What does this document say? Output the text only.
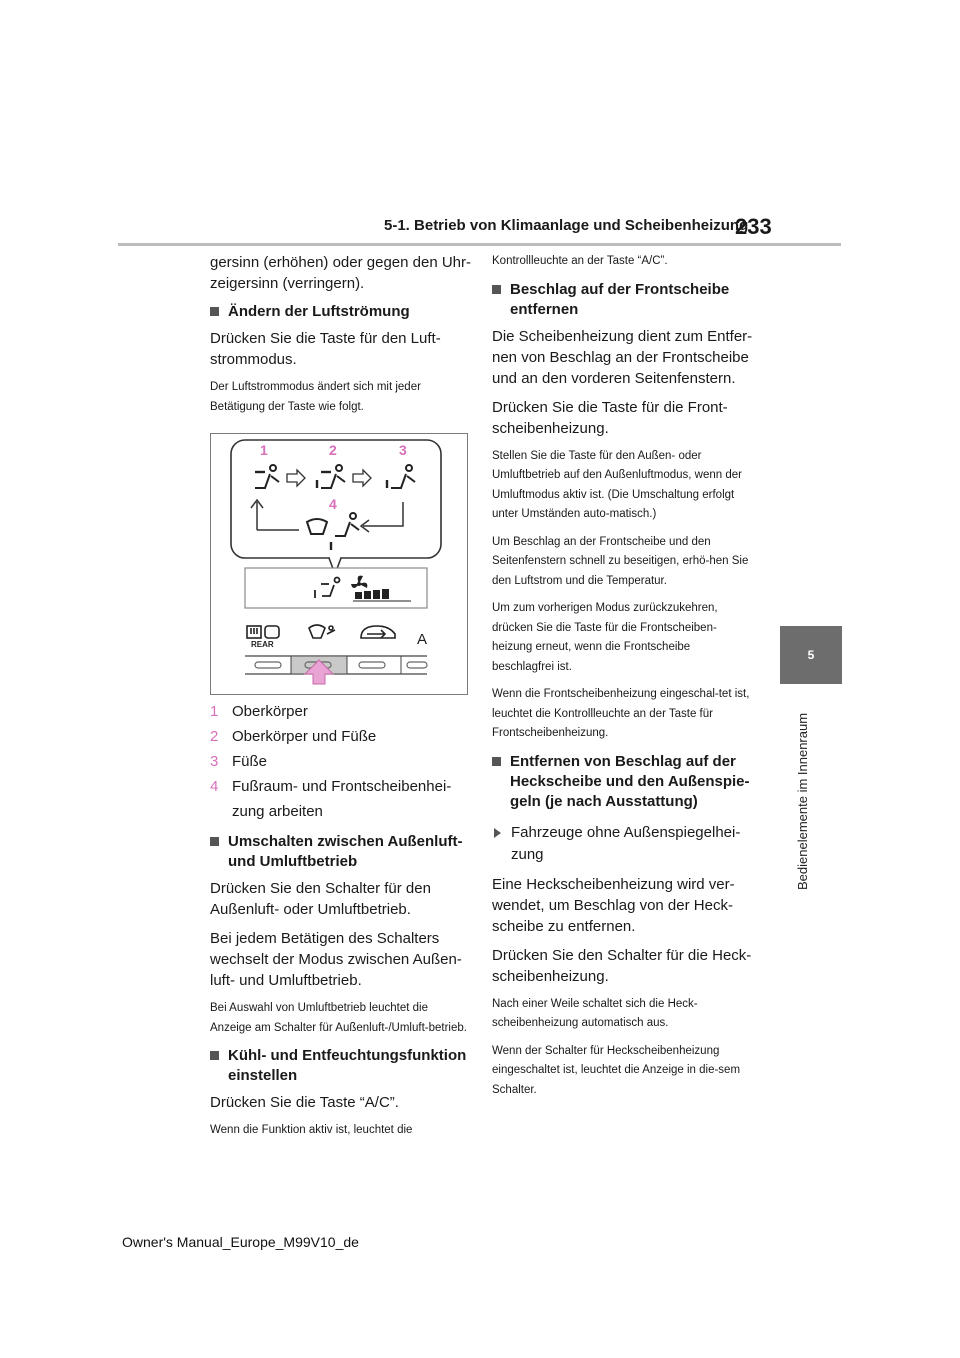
5-1. Betrieb von Klimaanlage und Scheibenheizung
233
5
Bedienelemente im Innenraum

gersinn (erhöhen) oder gegen den Uhr-zeigersinn (verringern).

Ändern der Luftströmung

Drücken Sie die Taste für den Luft-strommodus.

Der Luftstrommodus ändert sich mit jeder Betätigung der Taste wie folgt.

1	2	3
4
REAR	A
1 Oberkörper
2 Oberkörper und Füße
3 Füße
4 Fußraum- und Frontscheibenhei-zung arbeiten
Umschalten zwischen Außenluft- und Umluftbetrieb

Drücken Sie den Schalter für den Außenluft- oder Umluftbetrieb.

Bei jedem Betätigen des Schalters wechselt der Modus zwischen Außen-luft- und Umluftbetrieb.

Bei Auswahl von Umluftbetrieb leuchtet die Anzeige am Schalter für Außenluft-/Umluft-betrieb.

Kühl- und Entfeuchtungsfunktion einstellen

Drücken Sie die Taste “A/C”.

Wenn die Funktion aktiv ist, leuchtet die

Kontrollleuchte an der Taste “A/C”.

Beschlag auf der Frontscheibe entfernen

Die Scheibenheizung dient zum Entfer-nen von Beschlag an der Frontscheibe und an den vorderen Seitenfenstern.

Drücken Sie die Taste für die Front-scheibenheizung.

Stellen Sie die Taste für den Außen- oder Umluftbetrieb auf den Außenluftmodus, wenn der Umluftmodus aktiv ist. (Die Umschaltung erfolgt unter Umständen auto-matisch.)

Um Beschlag an der Frontscheibe und den Seitenfenstern schnell zu beseitigen, erhö-hen Sie den Luftstrom und die Temperatur.

Um zum vorherigen Modus zurückzukehren, drücken Sie die Taste für die Frontscheiben-heizung erneut, wenn die Frontscheibe beschlagfrei ist.

Wenn die Frontscheibenheizung eingeschal-tet ist, leuchtet die Kontrollleuchte an der Taste für Frontscheibenheizung.

Entfernen von Beschlag auf der Heckscheibe und den Außenspie-geln (je nach Ausstattung)
Fahrzeuge ohne Außenspiegelhei-zung

Eine Heckscheibenheizung wird ver-wendet, um Beschlag von der Heck-scheibe zu entfernen.

Drücken Sie den Schalter für die Heck-scheibenheizung.

Nach einer Weile schaltet sich die Heck-scheibenheizung automatisch aus.

Wenn der Schalter für Heckscheibenheizung eingeschaltet ist, leuchtet die Anzeige in die-sem Schalter.

Owner's Manual_Europe_M99V10_de
